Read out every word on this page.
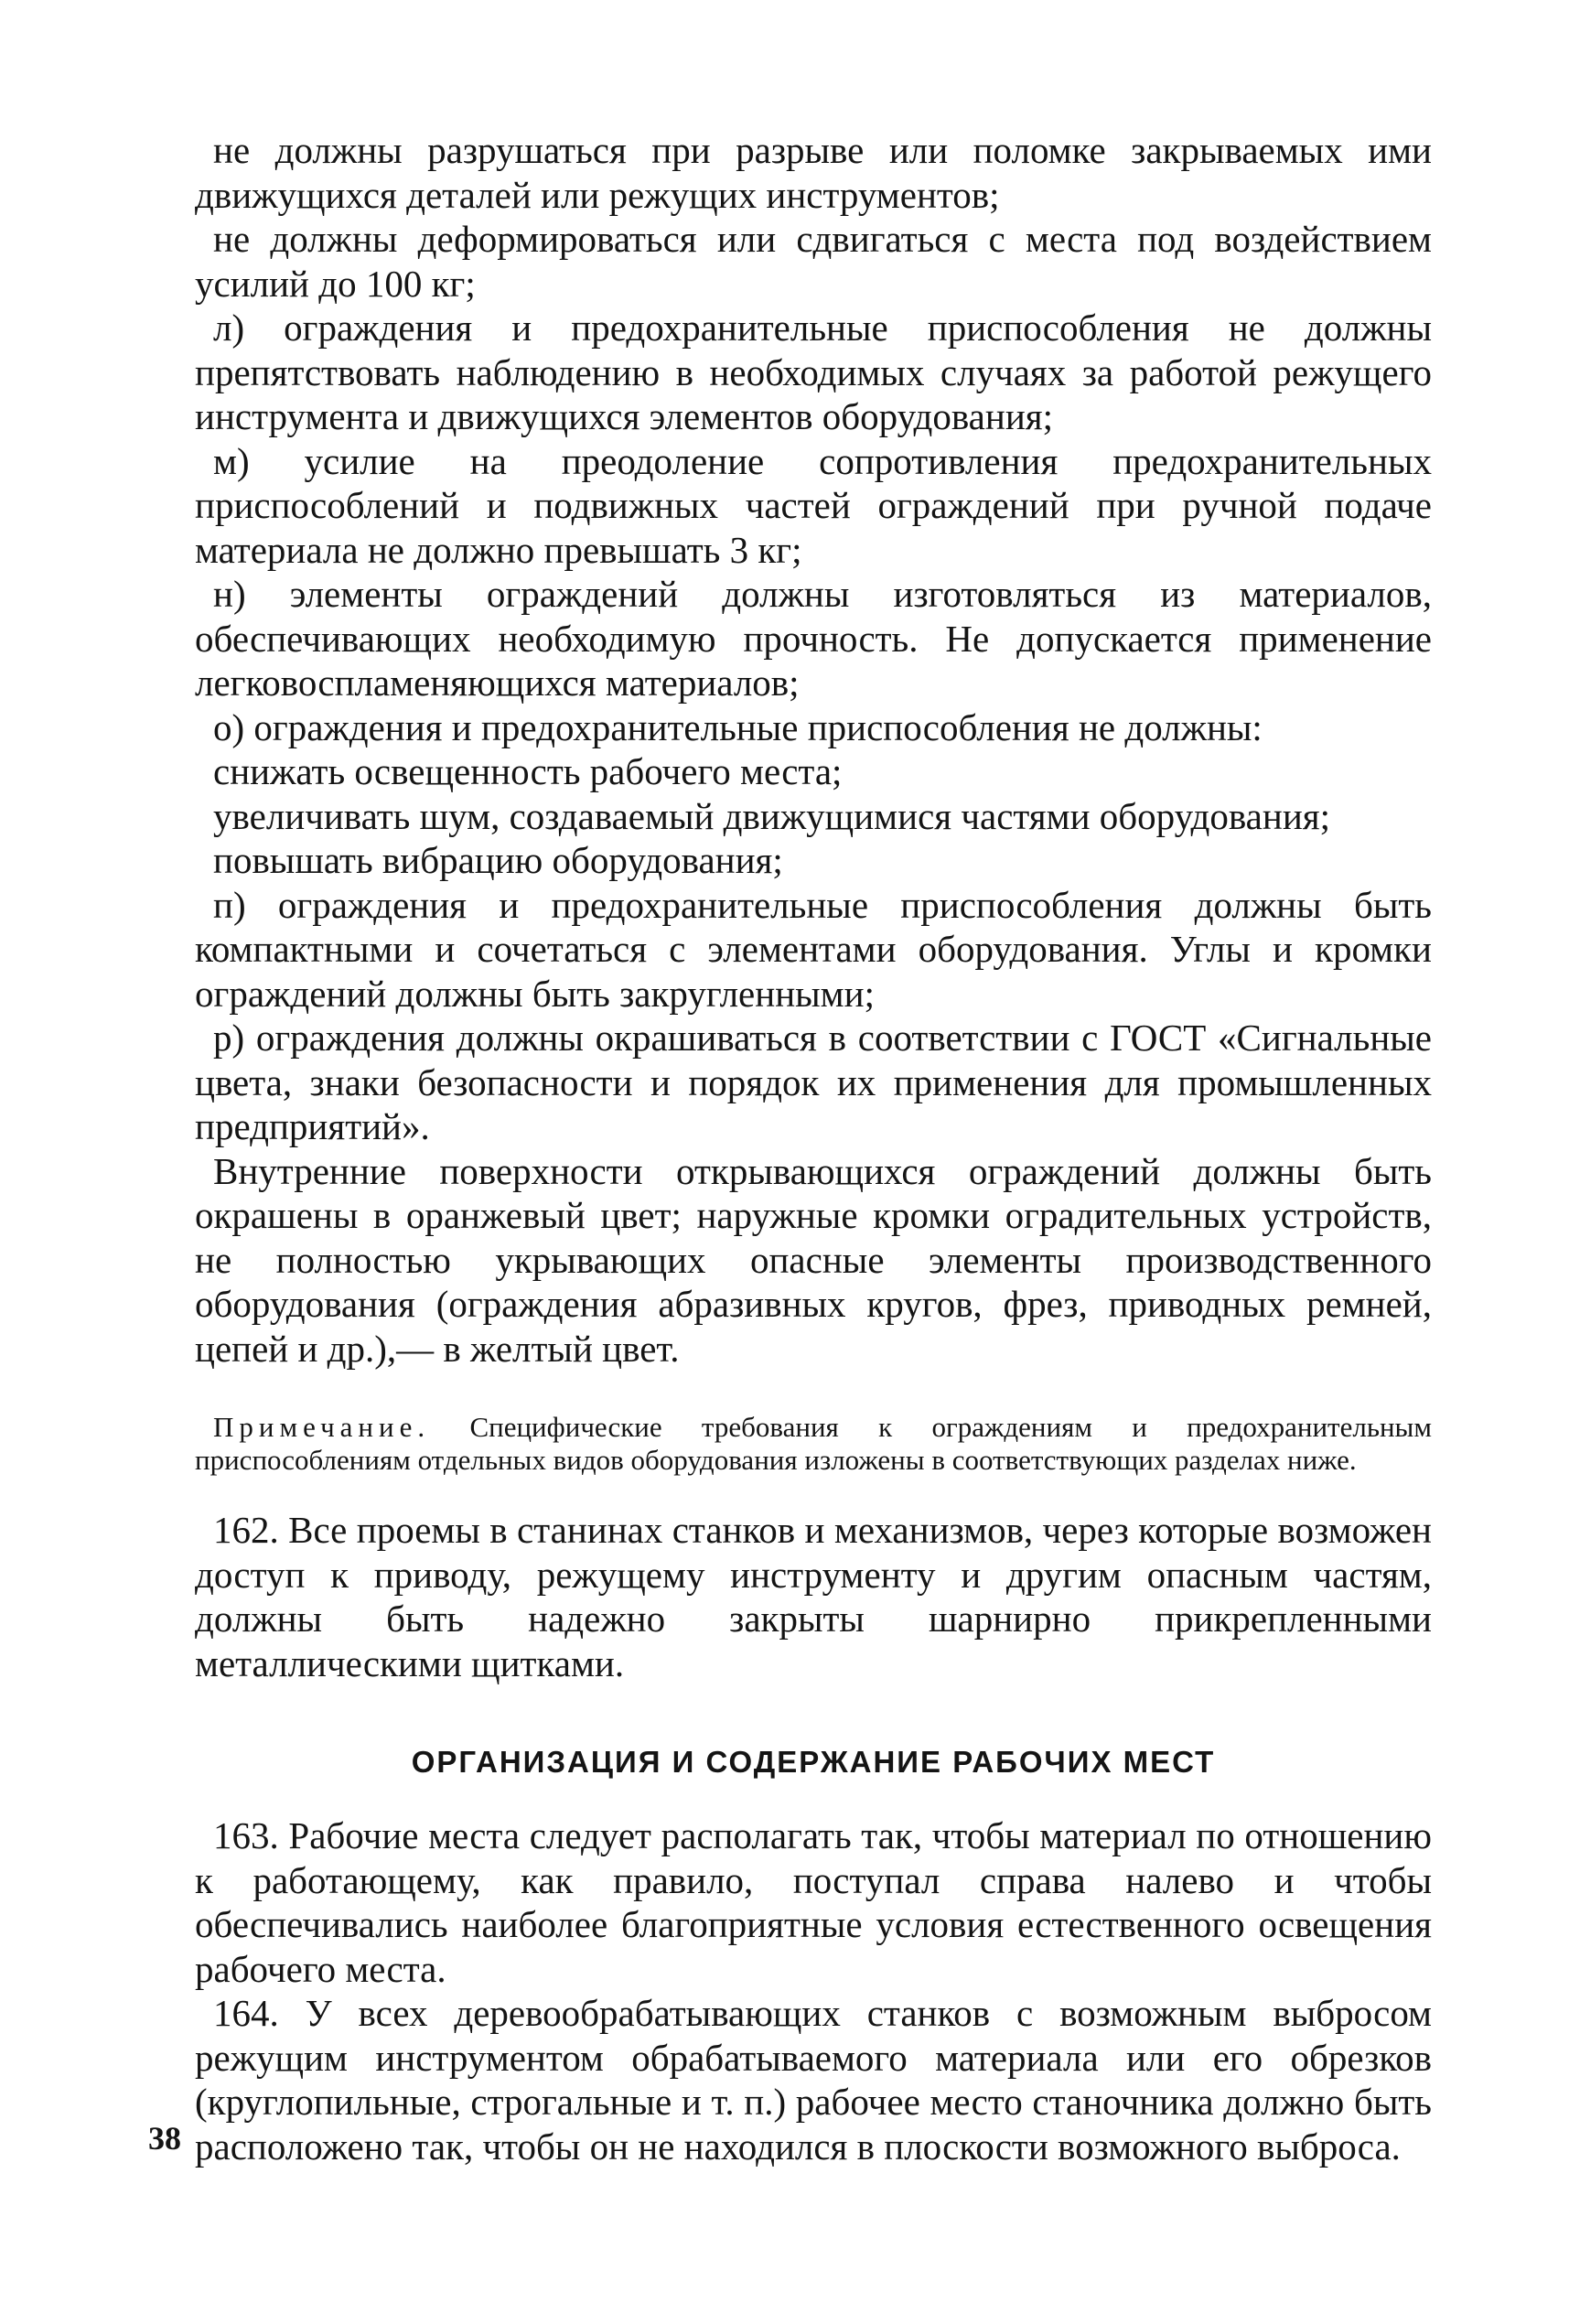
не должны разрушаться при разрыве или поломке закрываемых ими движущихся деталей или режущих инструментов;

не должны деформироваться или сдвигаться с места под воздействием усилий до 100 кг;

л) ограждения и предохранительные приспособления не должны препятствовать наблюдению в необходимых случаях за работой режущего инструмента и движущихся элементов оборудования;

м) усилие на преодоление сопротивления предохранительных приспособлений и подвижных частей ограждений при ручной подаче материала не должно превышать 3 кг;

н) элементы ограждений должны изготовляться из материалов, обеспечивающих необходимую прочность. Не допускается применение легковоспламеняющихся материалов;

о) ограждения и предохранительные приспособления не должны:

снижать освещенность рабочего места;

увеличивать шум, создаваемый движущимися частями оборудования;

повышать вибрацию оборудования;

п) ограждения и предохранительные приспособления должны быть компактными и сочетаться с элементами оборудования. Углы и кромки ограждений должны быть закругленными;

р) ограждения должны окрашиваться в соответствии с ГОСТ «Сигнальные цвета, знаки безопасности и порядок их применения для промышленных предприятий».

Внутренние поверхности открывающихся ограждений должны быть окрашены в оранжевый цвет; наружные кромки оградительных устройств, не полностью укрывающих опасные элементы производственного оборудования (ограждения абразивных кругов, фрез, приводных ремней, цепей и др.),— в желтый цвет.

Примечание. Специфические требования к ограждениям и предохранительным приспособлениям отдельных видов оборудования изложены в соответствующих разделах ниже.

162. Все проемы в станинах станков и механизмов, через которые возможен доступ к приводу, режущему инструменту и другим опасным частям, должны быть надежно закрыты шарнирно прикрепленными металлическими щитками.

ОРГАНИЗАЦИЯ И СОДЕРЖАНИЕ РАБОЧИХ МЕСТ

163. Рабочие места следует располагать так, чтобы материал по отношению к работающему, как правило, поступал справа налево и чтобы обеспечивались наиболее благоприятные условия естественного освещения рабочего места.

164. У всех деревообрабатывающих станков с возможным выбросом режущим инструментом обрабатываемого материала или его обрезков (круглопильные, строгальные и т. п.) рабочее место станочника должно быть расположено так, чтобы он не находился в плоскости возможного выброса.

38
